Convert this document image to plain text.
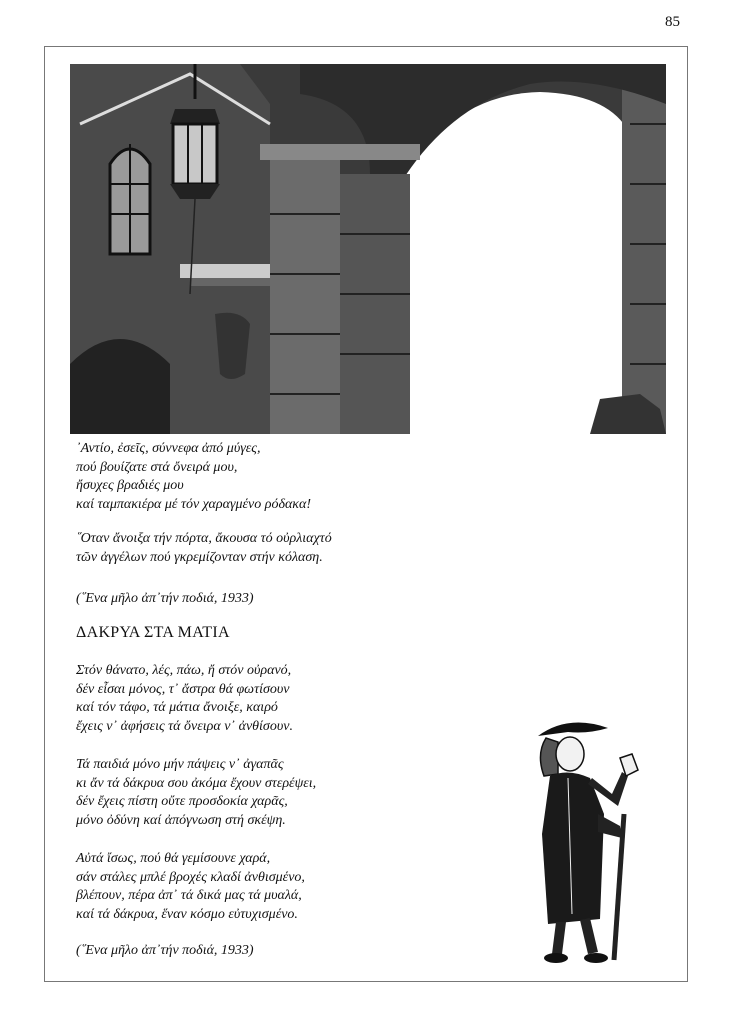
85
᾿Αντίο, ἐσεῖς, σύννεφα ἀπό μύγες,
πού βουίζατε στά ὄνειρά μου,
ἤσυχες βραδιές μου
καί ταμπακιέρα μέ τόν χαραγμένο ρόδακα!
῞Οταν ἄνοιξα τήν πόρτα, ἄκουσα τό οὐρλιαχτό
τῶν ἀγγέλων πού γκρεμίζονταν στήν κόλαση.
(῞Ενα μῆλο ἀπ᾿τήν ποδιά, 1933)
ΔΑΚΡΥΑ ΣΤΑ ΜΑΤΙΑ
Στόν θάνατο, λές, πάω, ἤ στόν οὐρανό,
δέν εἶσαι μόνος, τ᾿ ἄστρα θά φωτίσουν
καί τόν τάφο, τά μάτια ἄνοιξε, καιρό
ἔχεις ν᾿ ἀφήσεις τά ὄνειρα ν᾿ ἀνθίσουν.
Τά παιδιά μόνο μήν πάψεις ν᾿ ἀγαπᾶς
κι ἄν τά δάκρυα σου ἀκόμα ἔχουν στερέψει,
δέν ἔχεις πίστη οὔτε προσδοκία χαρᾶς,
μόνο ὀδύνη καί ἀπόγνωση στή σκέψη.
Αὐτά ἴσως, πού θά γεμίσουνε χαρά,
σάν στάλες μπλέ βροχές κλαδί ἀνθισμένο,
βλέπουν, πέρα ἀπ᾿ τά δικά μας τά μυαλά,
καί τά δάκρυα, ἕναν κόσμο εὐτυχισμένο.
(῞Ενα μῆλο ἀπ᾿τήν ποδιά, 1933)
